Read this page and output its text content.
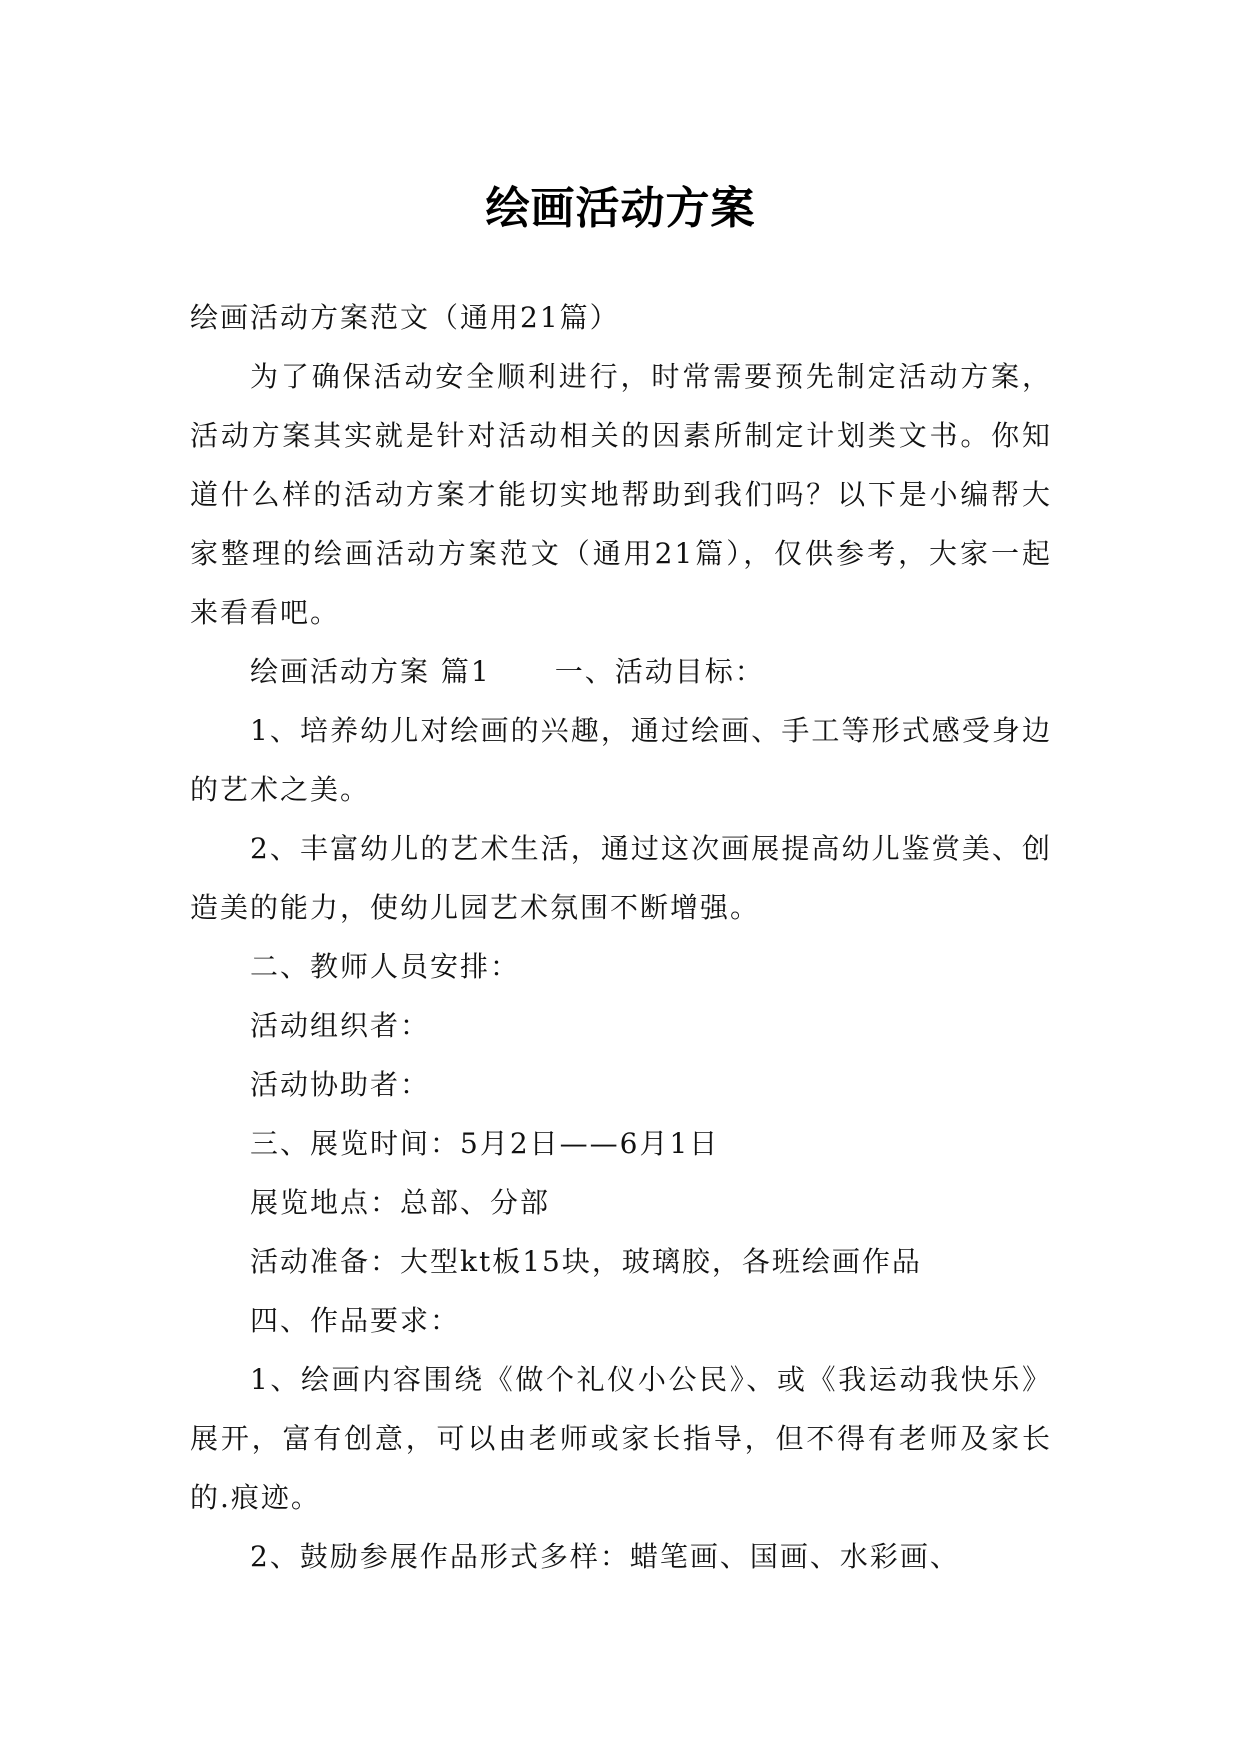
绘画活动方案

绘画活动方案范文（通用21篇）

为了确保活动安全顺利进行，时常需要预先制定活动方案，活动方案其实就是针对活动相关的因素所制定计划类文书。你知道什么样的活动方案才能切实地帮助到我们吗？以下是小编帮大家整理的绘画活动方案范文（通用21篇），仅供参考，大家一起来看看吧。

绘画活动方案 篇1 一、活动目标：

1、培养幼儿对绘画的兴趣，通过绘画、手工等形式感受身边的艺术之美。

2、丰富幼儿的艺术生活，通过这次画展提高幼儿鉴赏美、创造美的能力，使幼儿园艺术氛围不断增强。

二、教师人员安排：

活动组织者：

活动协助者：

三、展览时间：5月2日——6月1日

展览地点：总部、分部

活动准备：大型kt板15块，玻璃胶，各班绘画作品

四、作品要求：

1、绘画内容围绕《做个礼仪小公民》、或《我运动我快乐》展开，富有创意，可以由老师或家长指导，但不得有老师及家长的.痕迹。

2、鼓励参展作品形式多样：蜡笔画、国画、水彩画、
